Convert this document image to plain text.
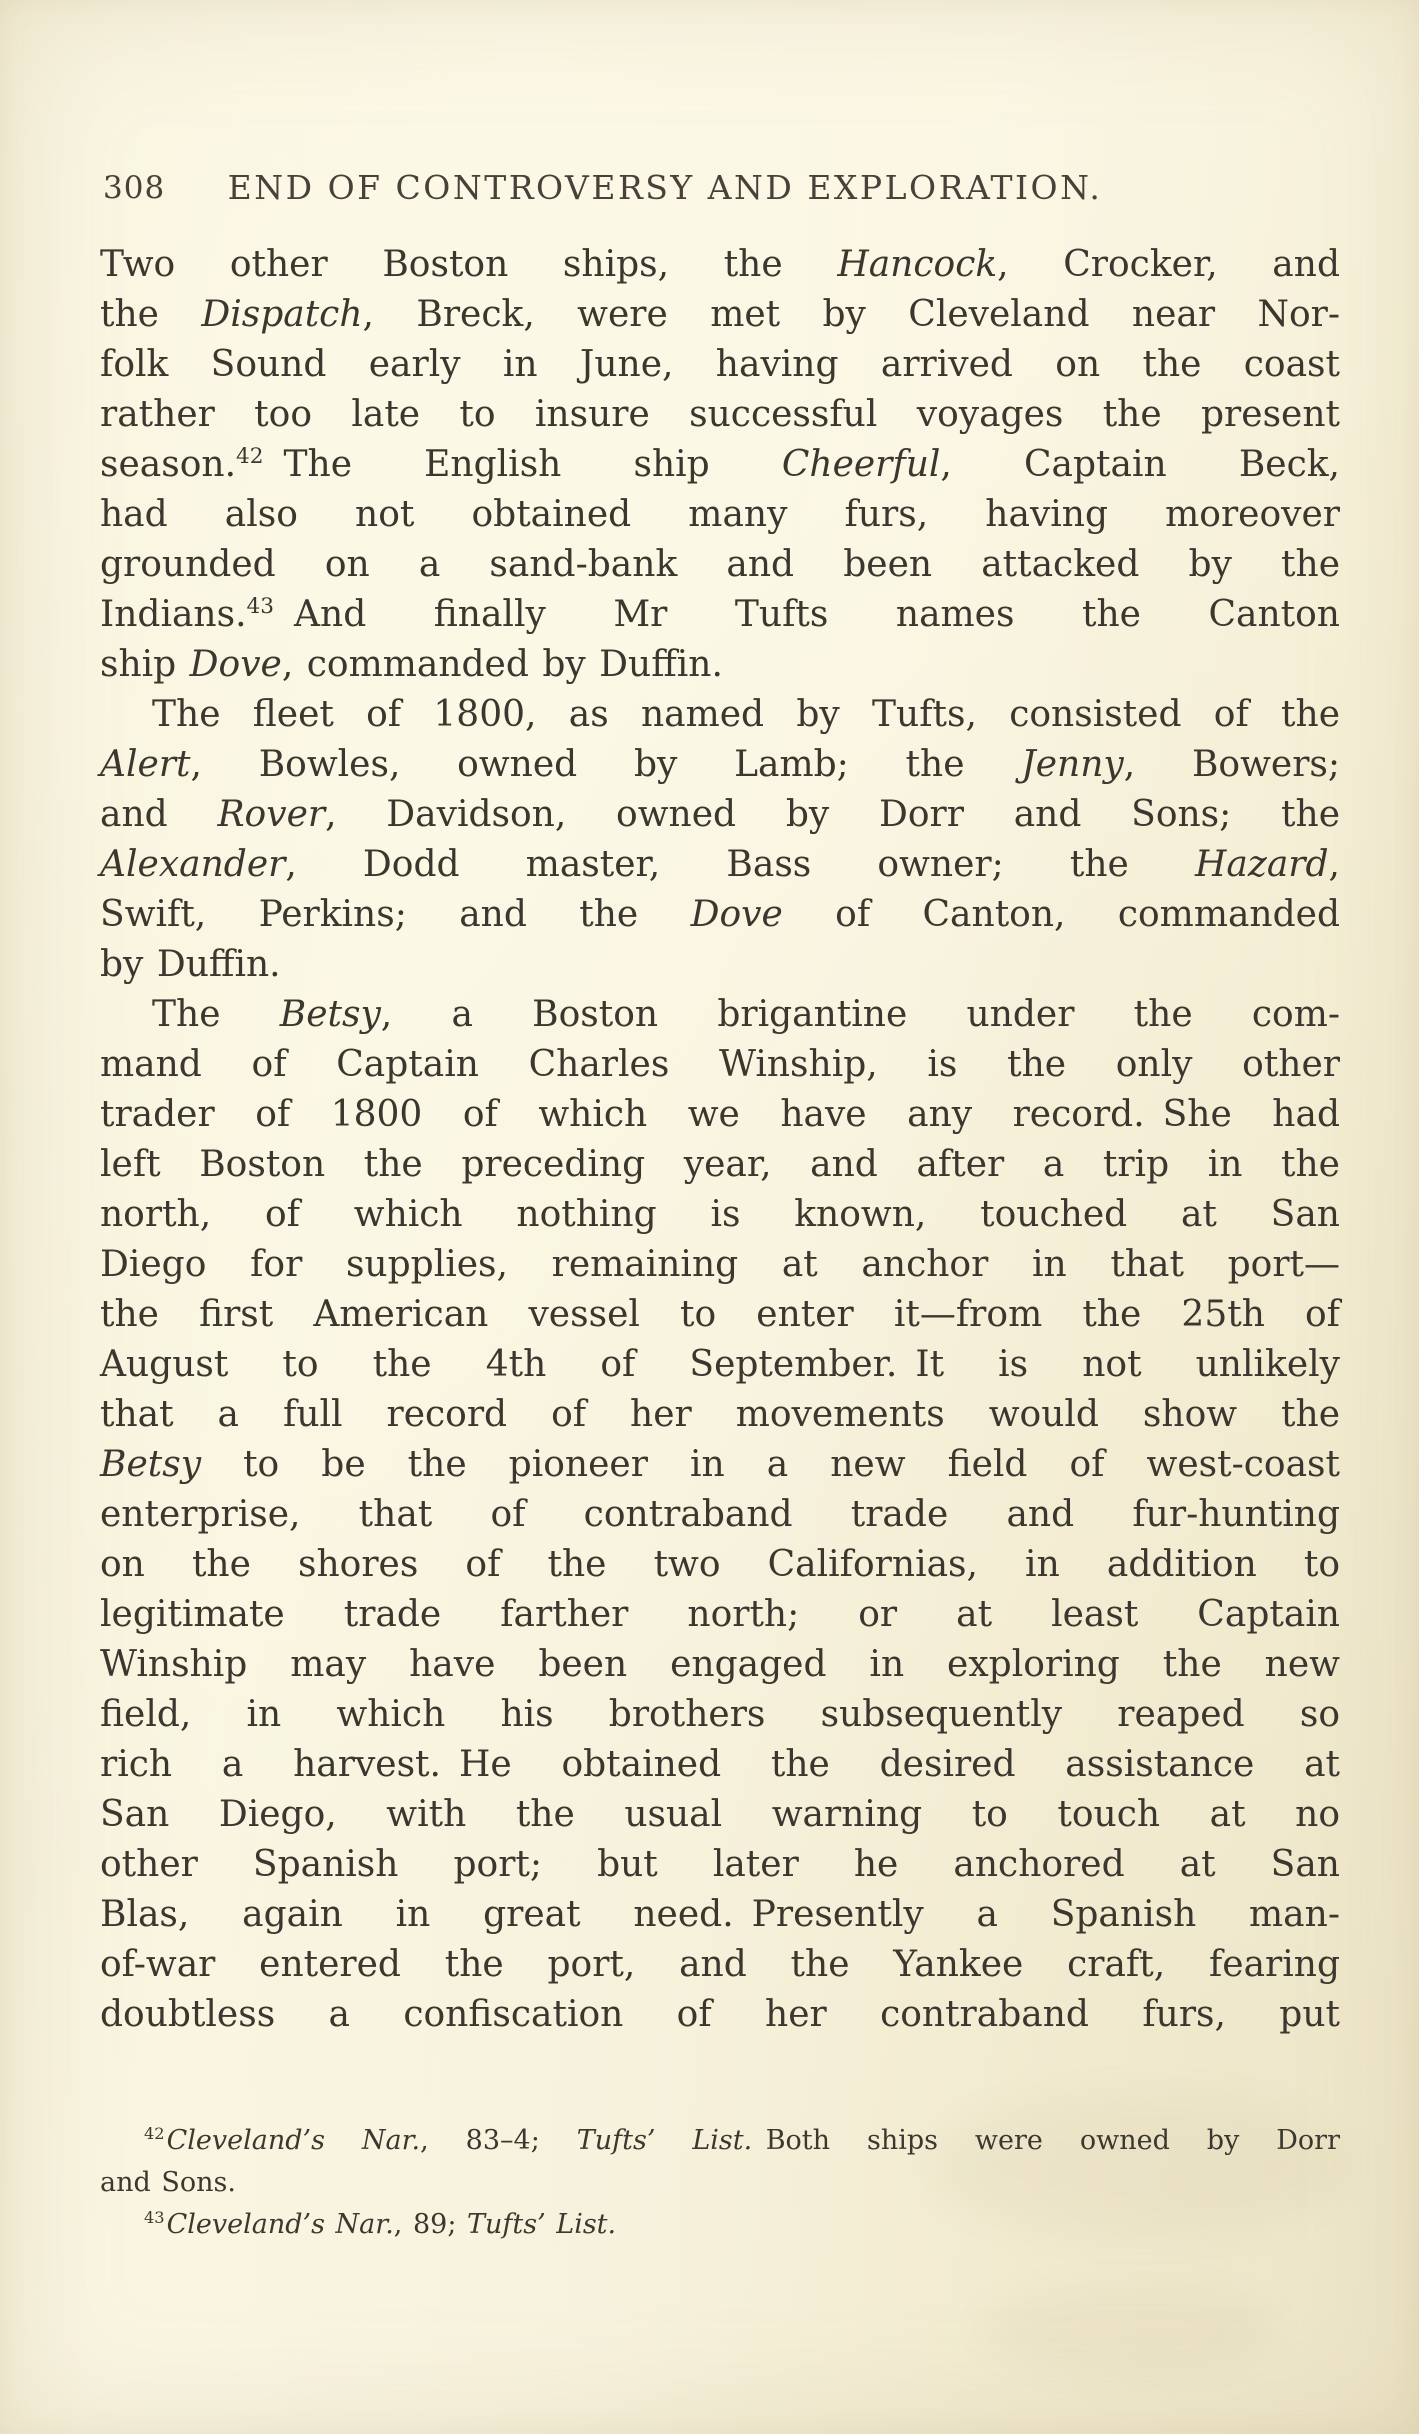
308	END OF CONTROVERSY AND EXPLORATION.
Two other Boston ships, the Hancock, Crocker, and
the Dispatch, Breck, were met by Cleveland near Nor-
folk Sound early in June, having arrived on the coast
rather too late to insure successful voyages the present
season.$^{42}$ The English ship Cheerful, Captain Beck,
had also not obtained many furs, having moreover
grounded on a sand-bank and been attacked by the
Indians.$^{43}$ And finally Mr Tufts names the Canton
ship Dove, commanded by Duffin.
The fleet of 1800, as named by Tufts, consisted of the
Alert, Bowles, owned by Lamb; the Jenny, Bowers;
and Rover, Davidson, owned by Dorr and Sons; the
Alexander, Dodd master, Bass owner; the Hazard,
Swift, Perkins; and the Dove of Canton, commanded
by Duffin.
The Betsy, a Boston brigantine under the com-
mand of Captain Charles Winship, is the only other
trader of 1800 of which we have any record. She had
left Boston the preceding year, and after a trip in the
north, of which nothing is known, touched at San
Diego for supplies, remaining at anchor in that port—
the first American vessel to enter it—from the 25th of
August to the 4th of September. It is not unlikely
that a full record of her movements would show the
Betsy to be the pioneer in a new field of west-coast
enterprise, that of contraband trade and fur-hunting
on the shores of the two Californias, in addition to
legitimate trade farther north; or at least Captain
Winship may have been engaged in exploring the new
field, in which his brothers subsequently reaped so
rich a harvest. He obtained the desired assistance at
San Diego, with the usual warning to touch at no
other Spanish port; but later he anchored at San
Blas, again in great need. Presently a Spanish man-
of-war entered the port, and the Yankee craft, fearing
doubtless a confiscation of her contraband furs, put
$^{42}$Cleveland’s Nar., 83–4; Tufts’ List. Both ships were owned by Dorr
and Sons.
$^{43}$Cleveland’s Nar., 89; Tufts’ List.
